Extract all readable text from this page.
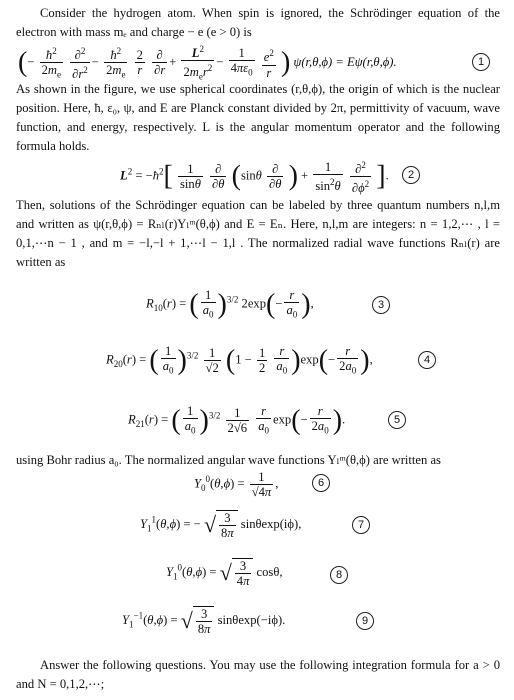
Consider the hydrogen atom. When spin is ignored, the Schrödinger equation of the electron with mass mₑ and charge − e (e > 0) is
(− $\frac{ħ^2}{2m_e}$
$\frac{\partial^2}{\partial r^2} - \frac{ħ^2}{2m_e}$
$\frac{2}{r}$
$\frac{\partial}{\partial r} + \frac{L^2}{2m_er^2} - \frac{1}{4\pi\varepsilon_0}$
$\frac{e^2}{r}$ ) ψ(r,θ,ϕ) = Eψ(r,θ,ϕ).	1
As shown in the figure, we use spherical coordinates (r,θ,ϕ), the origin of which is the nuclear position. Here, ħ, ε₀, ψ, and E are Planck constant divided by 2π, permittivity of vacuum, wave function, and energy, respectively. L is the angular momentum operator and the following formula holds.
$L^2$ = $-ħ^2[ \frac{1}{\sin\theta}$
$\frac{\partial}{\partial\theta} (\sin\theta \frac{\partial}{\partial\theta}$ ) + $\frac{1}{\sin^2\theta}$
$\frac{\partial^2}{\partial\phi^2}$ ].	2
Then, solutions of the Schrödinger equation can be labeled by three quantum numbers n,l,m and written as ψ(r,θ,ϕ) = Rₙₗ(r)Yₗᵐ(θ,ϕ) and E = Eₙ. Here, n,l,m are integers: n = 1,2,⋯ , l = 0,1,⋯n − 1 , and m = −l,−l + 1,⋯l − 1,l . The normalized radial wave functions Rₙₗ(r) are written as
$R_{10}(r)$ = ( $\frac{1}{a_0} )^{3/2}$ $2\exp(- \frac{r}{a_0}$ ),	3
$R_{20}(r)$ = ( $\frac{1}{a_0} )^{3/2} \frac{1}{√2} (1 - \frac{1}{2}$
$\frac{r}{a_0} )\exp(- \frac{r}{2a_0}$ ),	4
$R_{21}(r)$ = ( $\frac{1}{a_0} )^{3/2} \frac{1}{2√6}$
$\frac{r}{a_0} \exp(- \frac{r}{2a_0}$ ).	5
using Bohr radius a₀. The normalized angular wave functions Yₗᵐ(θ,ϕ) are written as
$Y_0^0(\theta,\phi) = \frac{1}{√4\pi}$ ,	6
$Y_1^1(\theta,\phi)$ = − √ $\frac{3}{8\pi} \sin\theta\exp(i\phi)$,	7
$Y_1^0(\theta,\phi)$ = √ $\frac{3}{4\pi} \cos\theta$,	8
$Y_1^{-1}(\theta,\phi)$ = √ $\frac{3}{8\pi} \sin\theta\exp(-i\phi)$.	9
Answer the following questions. You may use the following integration formula for a > 0 and N = 0,1,2,⋯;
